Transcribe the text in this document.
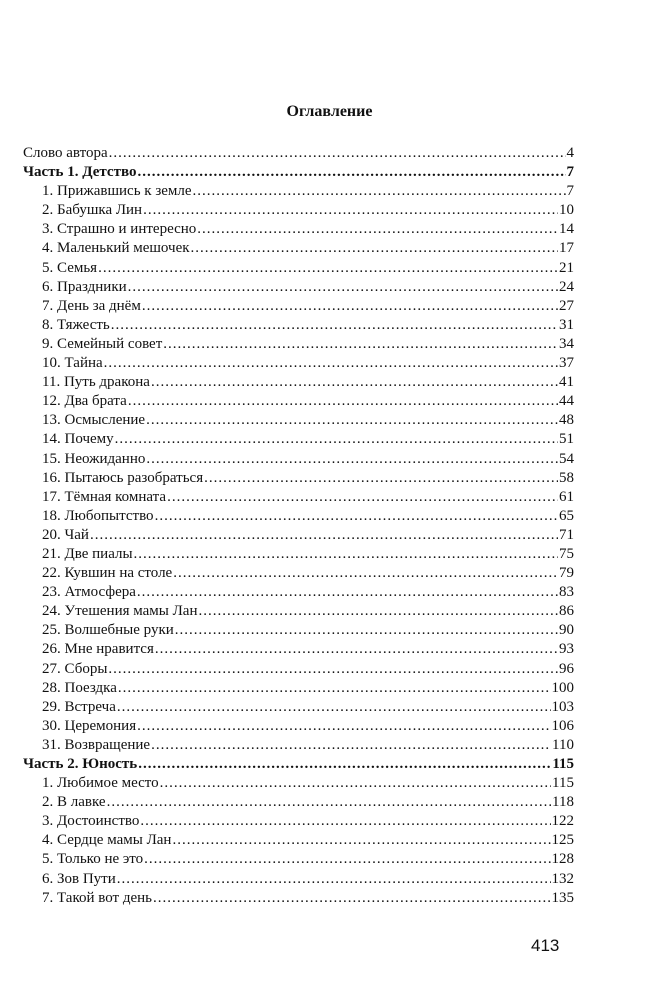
Оглавление
Слово автора .....	4
Часть 1. Детство .....	7
1. Прижавшись к земле .....	7
2. Бабушка Лин .....	10
3. Страшно и интересно .....	14
4. Маленький мешочек .....	17
5. Семья .....	21
6. Праздники .....	24
7. День за днём .....	27
8. Тяжесть .....	31
9. Семейный совет .....	34
10. Тайна .....	37
11. Путь дракона .....	41
12. Два брата .....	44
13. Осмысление .....	48
14. Почему .....	51
15. Неожиданно .....	54
16. Пытаюсь разобраться .....	58
17. Тёмная комната .....	61
18. Любопытство .....	65
20. Чай .....	71
21. Две пиалы .....	75
22. Кувшин на столе .....	79
23. Атмосфера .....	83
24. Утешения мамы Лан .....	86
25. Волшебные руки .....	90
26. Мне нравится .....	93
27. Сборы .....	96
28. Поездка .....	100
29. Встреча .....	103
30. Церемония .....	106
31. Возвращение .....	110
Часть 2. Юность .....	115
1. Любимое место .....	115
2. В лавке .....	118
3. Достоинство .....	122
4. Сердце мамы Лан .....	125
5. Только не это .....	128
6. Зов Пути .....	132
7. Такой вот день .....	135
413
